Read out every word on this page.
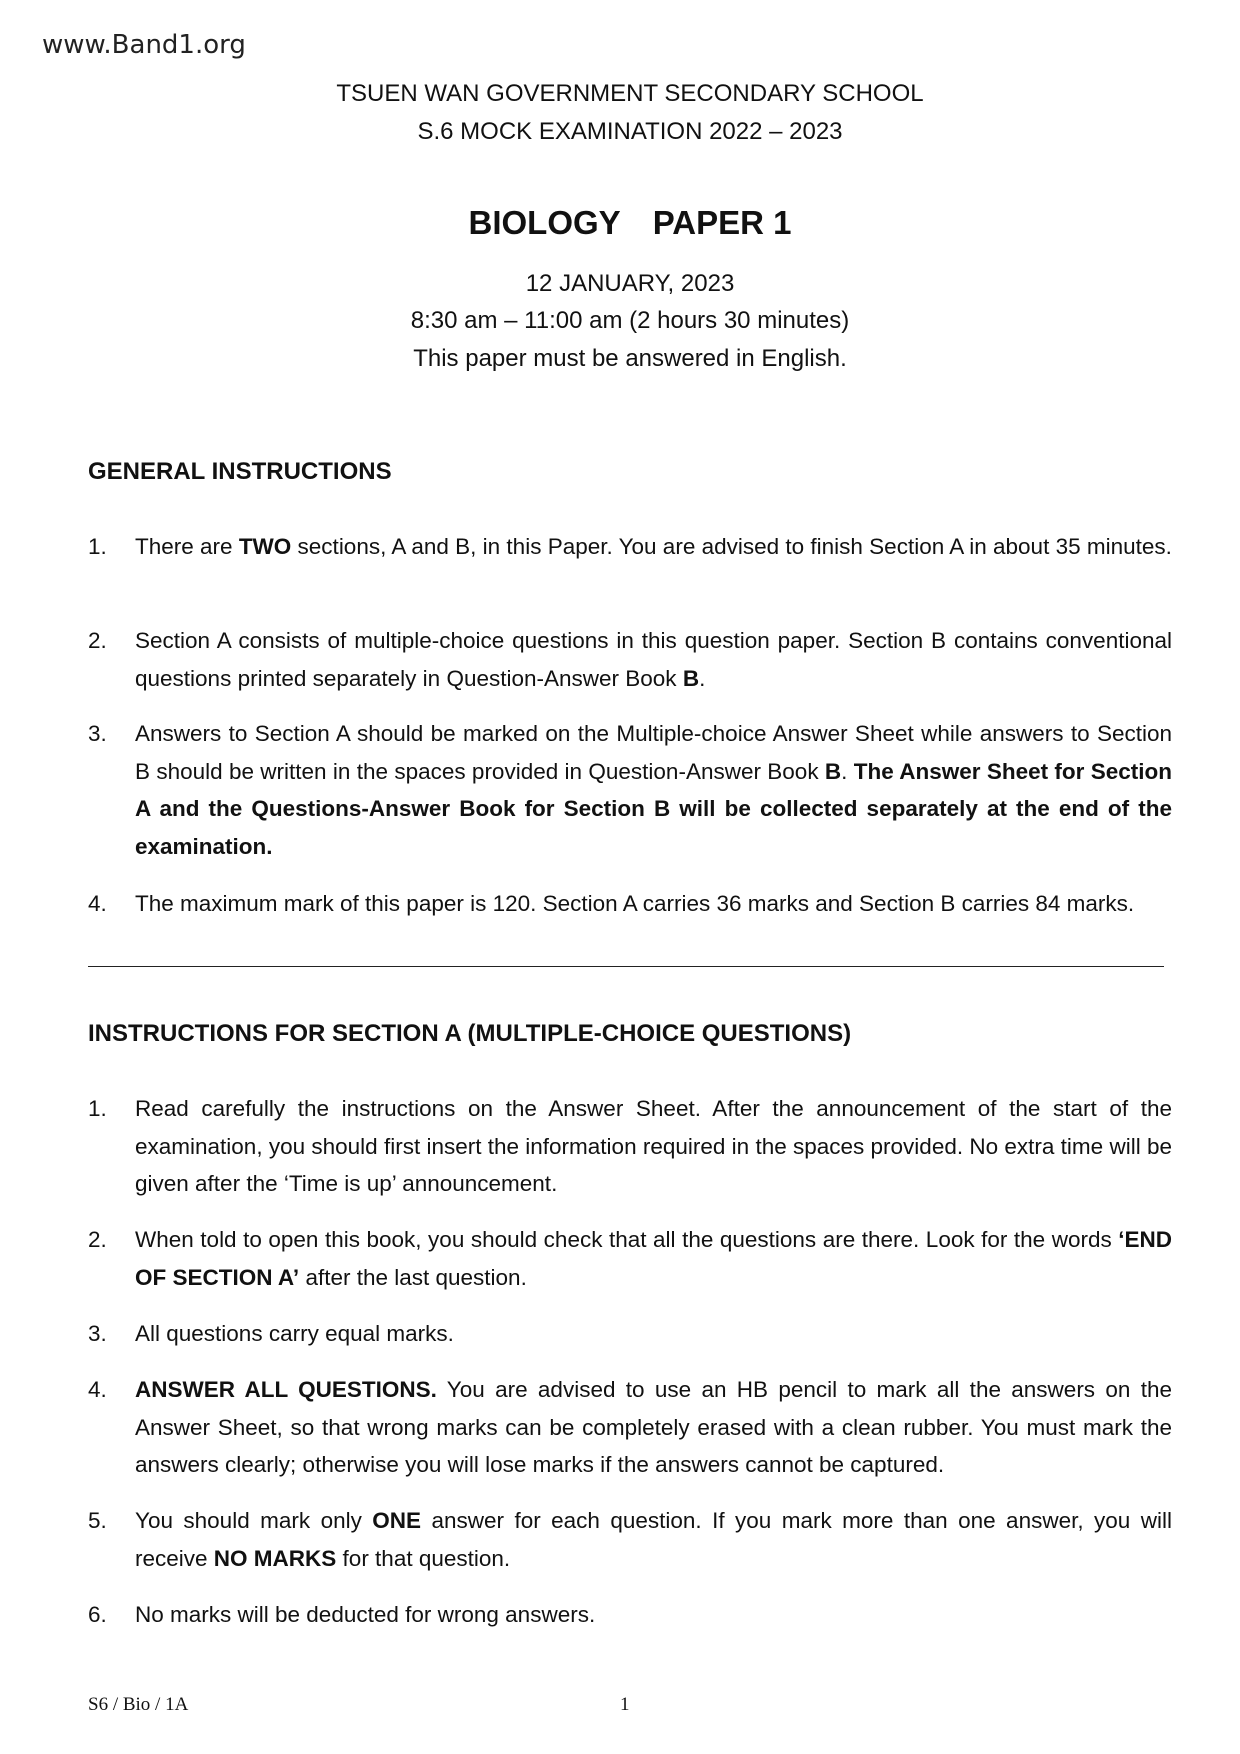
www.Band1.org
TSUEN WAN GOVERNMENT SECONDARY SCHOOL
S.6 MOCK EXAMINATION 2022 – 2023
BIOLOGY PAPER 1
12 JANUARY, 2023
8:30 am – 11:00 am (2 hours 30 minutes)
This paper must be answered in English.
GENERAL INSTRUCTIONS
1. There are TWO sections, A and B, in this Paper. You are advised to finish Section A in about 35 minutes.
2. Section A consists of multiple-choice questions in this question paper. Section B contains conventional questions printed separately in Question-Answer Book B.
3. Answers to Section A should be marked on the Multiple-choice Answer Sheet while answers to Section B should be written in the spaces provided in Question-Answer Book B. The Answer Sheet for Section A and the Questions-Answer Book for Section B will be collected separately at the end of the examination.
4. The maximum mark of this paper is 120. Section A carries 36 marks and Section B carries 84 marks.
INSTRUCTIONS FOR SECTION A (MULTIPLE-CHOICE QUESTIONS)
1. Read carefully the instructions on the Answer Sheet. After the announcement of the start of the examination, you should first insert the information required in the spaces provided. No extra time will be given after the ‘Time is up’ announcement.
2. When told to open this book, you should check that all the questions are there. Look for the words ‘END OF SECTION A’ after the last question.
3. All questions carry equal marks.
4. ANSWER ALL QUESTIONS. You are advised to use an HB pencil to mark all the answers on the Answer Sheet, so that wrong marks can be completely erased with a clean rubber. You must mark the answers clearly; otherwise you will lose marks if the answers cannot be captured.
5. You should mark only ONE answer for each question. If you mark more than one answer, you will receive NO MARKS for that question.
6. No marks will be deducted for wrong answers.
S6 / Bio / 1A	1
